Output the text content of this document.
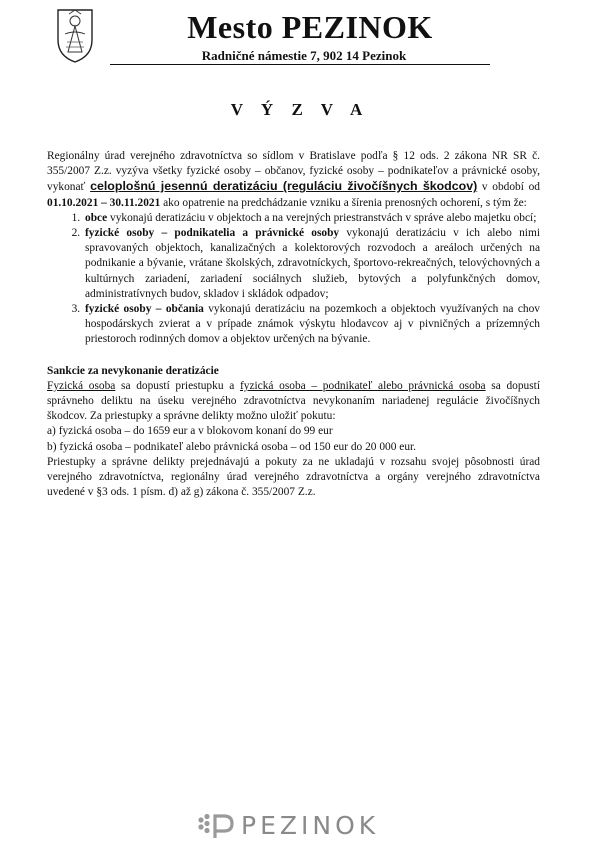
Mesto PEZINOK
Radničné námestie 7, 902 14 Pezinok
V Ý Z V A

Regionálny úrad verejného zdravotníctva so sídlom v Bratislave podľa § 12 ods. 2 zákona NR SR č. 355/2007 Z.z. vyzýva všetky fyzické osoby – občanov, fyzické osoby – podnikateľov a právnické osoby, vykonať celoplošnú jesennú deratizáciu (reguláciu živočíšnych škodcov) v období od 01.10.2021 – 30.11.2021 ako opatrenie na predchádzanie vzniku a šírenia prenosných ochorení, s tým že:

1. obce vykonajú deratizáciu v objektoch a na verejných priestranstvách v správe alebo majetku obcí;
2. fyzické osoby – podnikatelia a právnické osoby vykonajú deratizáciu v ich alebo nimi spravovaných objektoch, kanalizačných a kolektorových rozvodoch a areáloch určených na podnikanie a bývanie, vrátane školských, zdravotníckych, športovo-rekreačných, telovýchovných a kultúrnych zariadení, zariadení sociálnych služieb, bytových a polyfunkčných domov, administratívnych budov, skladov i skládok odpadov;
3. fyzické osoby – občania vykonajú deratizáciu na pozemkoch a objektoch využívaných na chov hospodárskych zvierat a v prípade známok výskytu hlodavcov aj v pivničných a prízemných priestoroch rodinných domov a objektov určených na bývanie.

Sankcie za nevykonanie deratizácie

Fyzická osoba sa dopustí priestupku a fyzická osoba – podnikateľ alebo právnická osoba sa dopustí správneho deliktu na úseku verejného zdravotníctva nevykonaním nariadenej regulácie živočíšnych škodcov. Za priestupky a správne delikty možno uložiť pokutu:

a) fyzická osoba – do 1659 eur a v blokovom konaní do 99 eur

b) fyzická osoba – podnikateľ alebo právnická osoba – od 150 eur do 20 000 eur.

Priestupky a správne delikty prejednávajú a pokuty za ne ukladajú v rozsahu svojej pôsobnosti úrad verejného zdravotníctva, regionálny úrad verejného zdravotníctva a orgány verejného zdravotníctva uvedené v §3 ods. 1 písm. d) až g) zákona č. 355/2007 Z.z.

PEZINOK
